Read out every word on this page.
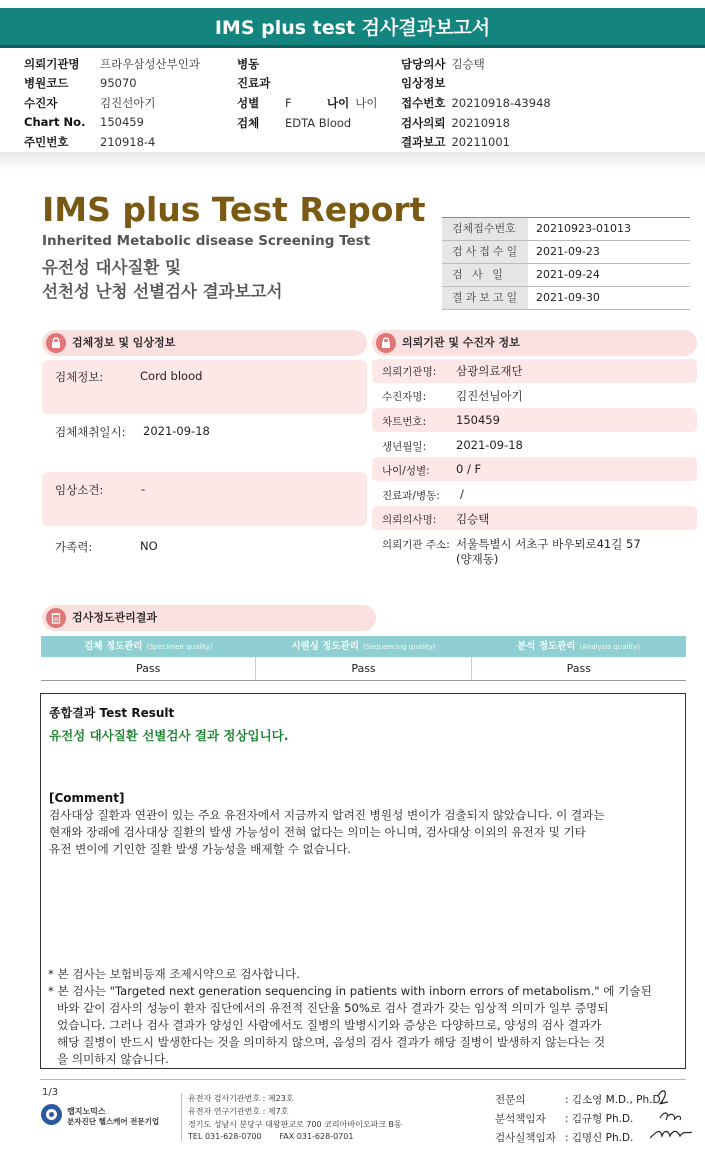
IMS plus test 검사결과보고서
의뢰기관명 프라우삼성산부인과
병원코드	95070
수진자	김진선아기
Chart No. 150459
주민번호	210918-4
병동
진료과
성별 F	나이 나이
검체 EDTA Blood
담당의사 김승택
임상정보
접수번호 20210918-43948
검사의뢰 20210918
결과보고 20211001
IMS plus Test Report
Inherited Metabolic disease Screening Test
유전성 대사질환 및
선천성 난청 선별검사 결과보고서
검체접수번호	20210923-01013
검사접수일	2021-09-23
검 사 일	2021-09-24
결과보고일	2021-09-30
검체정보 및 임상정보
검체정보:	Cord blood
검체채취일시: 2021-09-18
임상소견:	-
가족력:	NO
의뢰기관 및 수진자 정보
의뢰기관명: 삼광의료재단
수진자명:	김진선님아기
차트번호:	150459
생년월일:	2021-09-18
나이/성별: 0 / F
진료과/병동: /
의뢰의사명: 김승택
의뢰기관 주소: 서울특별시 서초구 바우뫼로41길 57
(양재동)
검사정도관리결과
검체 정도관리 (Specimen quality)	시퀀싱 정도관리 (Sequencing quality)	분석 정도관리 (Analysis quality)
Pass	Pass	Pass
종합결과 Test Result
유전성 대사질환 선별검사 결과 정상입니다.
[Comment]
검사대상 질환과 연관이 있는 주요 유전자에서 지금까지 알려진 병원성 변이가 검출되지 않았습니다. 이 결과는
현재와 장래에 검사대상 질환의 발생 가능성이 전혀 없다는 의미는 아니며, 검사대상 이외의 유전자 및 기타
유전 변이에 기인한 질환 발생 가능성을 배제할 수 없습니다.
* 본 검사는 보험비등재 조제시약으로 검사합니다.
* 본 검사는 "Targeted next generation sequencing in patients with inborn errors of metabolism." 에 기술된
바와 같이 검사의 성능이 환자 집단에서의 유전적 진단율 50%로 검사 결과가 갖는 임상적 의미가 일부 증명되
었습니다. 그러나 검사 결과가 양성인 사람에서도 질병의 발병시기와 증상은 다양하므로, 양성의 검사 결과가
해당 질병이 반드시 발생한다는 것을 의미하지 않으며, 음성의 검사 결과가 해당 질병이 발생하지 않는다는 것
을 의미하지 않습니다.
1/3
랩지노믹스
분자진단 헬스케어 전문기업
유전자 검사기관번호 : 제23호
유전자 연구기관번호 : 제7호
경기도 성남시 분당구 대왕판교로 700 코리아바이오파크 B동
TEL 031-628-0700       FAX 031-628-0701
전문의	: 김소영 M.D., Ph.D.
분석책임자 : 김규형 Ph.D.
검사실책임자 : 김명신 Ph.D.
